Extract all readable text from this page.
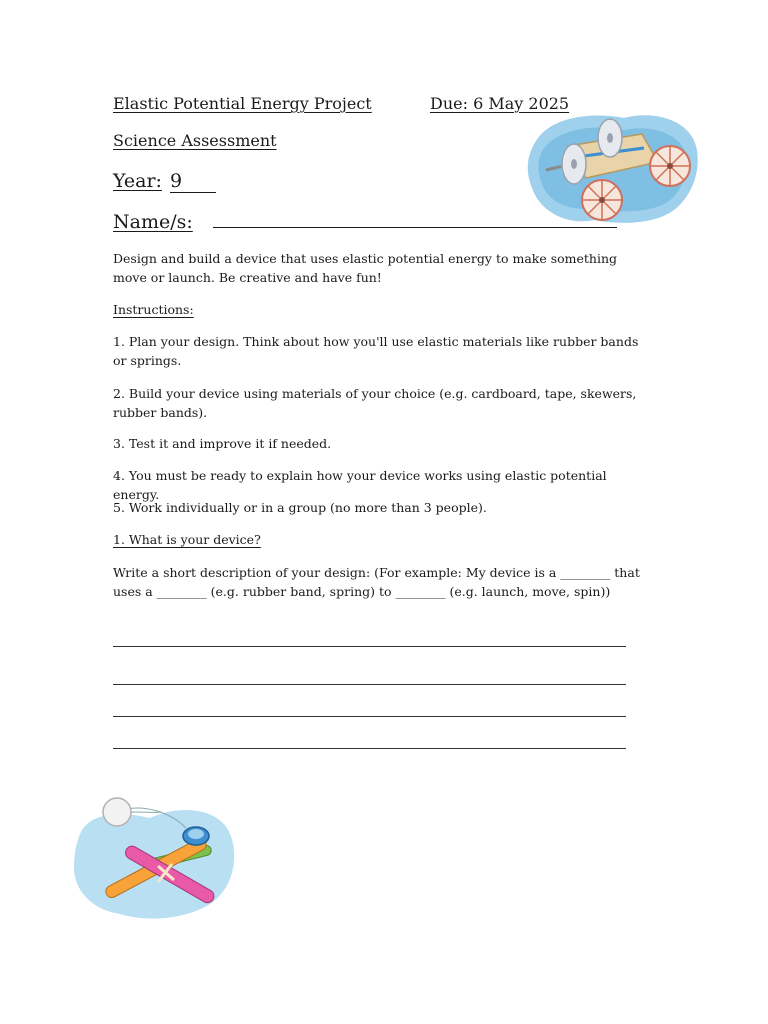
Elastic Potential Energy Project	Due: 6 May 2025
Science Assessment
Year: 9
Name/s:
Design and build a device that uses elastic potential energy to make something move or launch. Be creative and have fun!
Instructions:
1. Plan your design. Think about how you'll use elastic materials like rubber bands or springs.
2. Build your device using materials of your choice (e.g. cardboard, tape, skewers, rubber bands).
3. Test it and improve it if needed.
4. You must be ready to explain how your device works using elastic potential energy.
5. Work individually or in a group (no more than 3 people).
1. What is your device?
Write a short description of your design: (For example: My device is a ________ that uses a ________ (e.g. rubber band, spring) to ________ (e.g. launch, move, spin))
